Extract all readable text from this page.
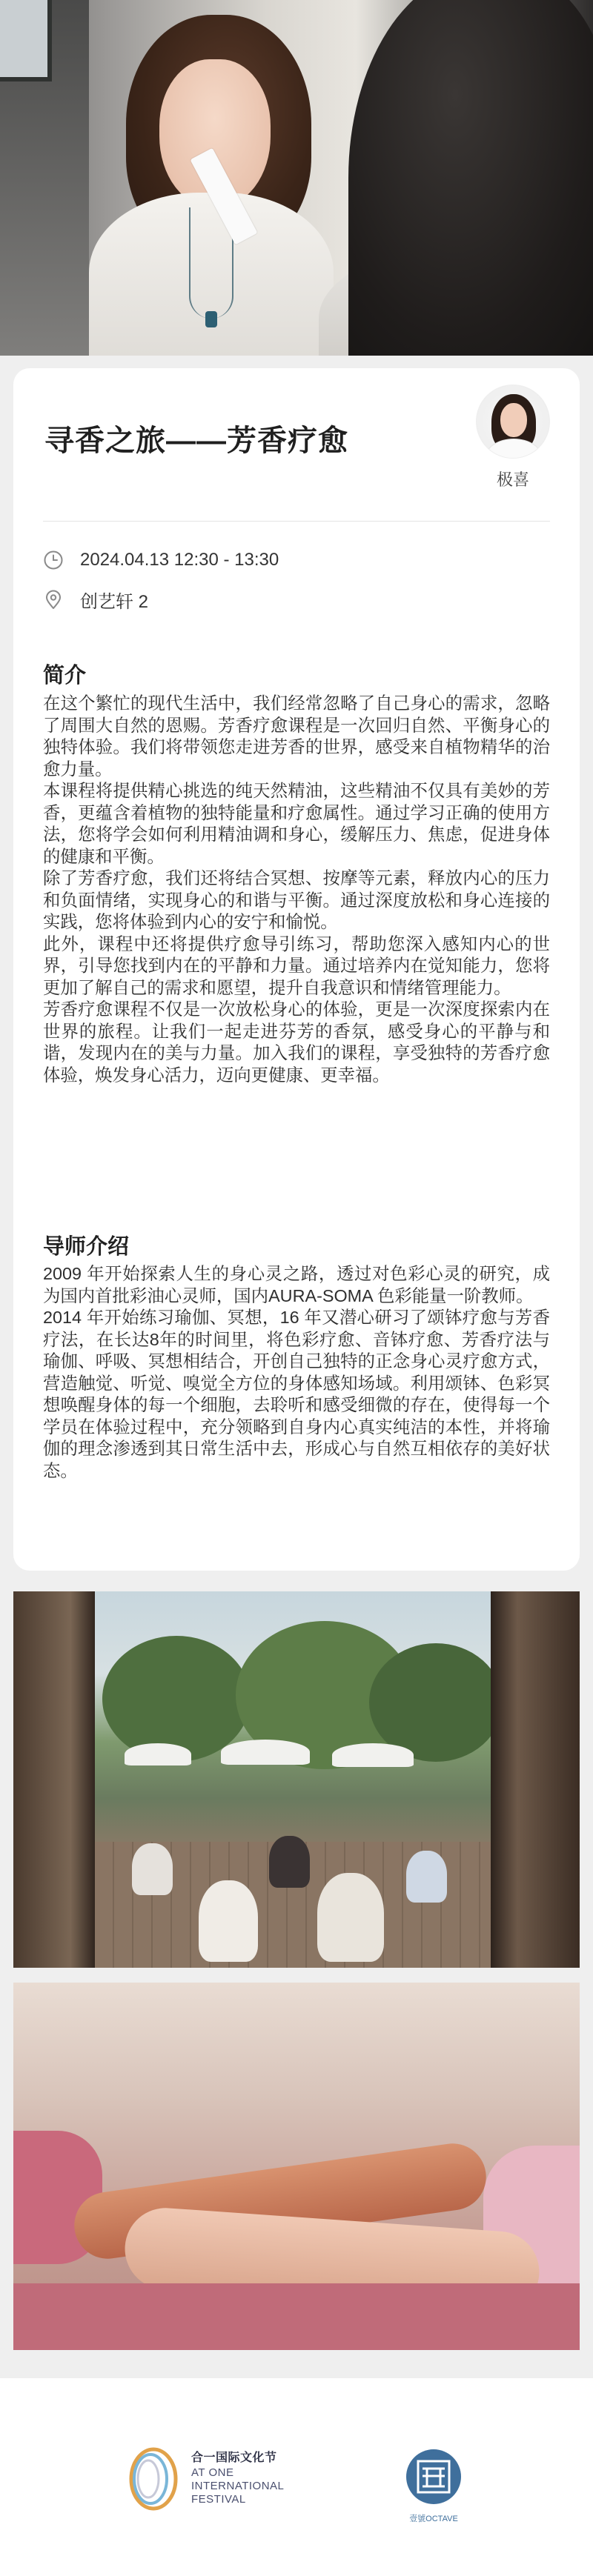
寻香之旅——芳香疗愈
极喜
2024.04.13 12:30 - 13:30
创艺轩 2
简介

在这个繁忙的现代生活中，我们经常忽略了自己身心的需求，忽略了周围大自然的恩赐。芳香疗愈课程是一次回归自然、平衡身心的独特体验。我们将带领您走进芳香的世界，感受来自植物精华的治愈力量。

本课程将提供精心挑选的纯天然精油，这些精油不仅具有美妙的芳香，更蕴含着植物的独特能量和疗愈属性。通过学习正确的使用方法，您将学会如何利用精油调和身心，缓解压力、焦虑，促进身体的健康和平衡。

除了芳香疗愈，我们还将结合冥想、按摩等元素，释放内心的压力和负面情绪，实现身心的和谐与平衡。通过深度放松和身心连接的实践，您将体验到内心的安宁和愉悦。

此外，课程中还将提供疗愈导引练习，帮助您深入感知内心的世界，引导您找到内在的平静和力量。通过培养内在觉知能力，您将更加了解自己的需求和愿望，提升自我意识和情绪管理能力。

芳香疗愈课程不仅是一次放松身心的体验，更是一次深度探索内在世界的旅程。让我们一起走进芬芳的香氛，感受身心的平静与和谐，发现内在的美与力量。加入我们的课程，享受独特的芳香疗愈体验，焕发身心活力，迈向更健康、更幸福。

导师介绍

2009 年开始探索人生的身心灵之路，透过对色彩心灵的研究，成为国内首批彩油心灵师，国内AURA-SOMA 色彩能量一阶教师。

2014 年开始练习瑜伽、冥想，16 年又潜心研习了颂钵疗愈与芳香疗法，在长达8年的时间里，将色彩疗愈、音钵疗愈、芳香疗法与瑜伽、呼吸、冥想相结合，开创自己独特的正念身心灵疗愈方式，营造触觉、听觉、嗅觉全方位的身体感知场域。利用颂钵、色彩冥想唤醒身体的每一个细胞，去聆听和感受细微的存在，使得每一个学员在体验过程中，充分领略到自身内心真实纯洁的本性，并将瑜伽的理念渗透到其日常生活中去，形成心与自然互相依存的美好状态。

合一国际文化节
AT ONE
INTERNATIONAL
FESTIVAL
壹號OCTAVE
